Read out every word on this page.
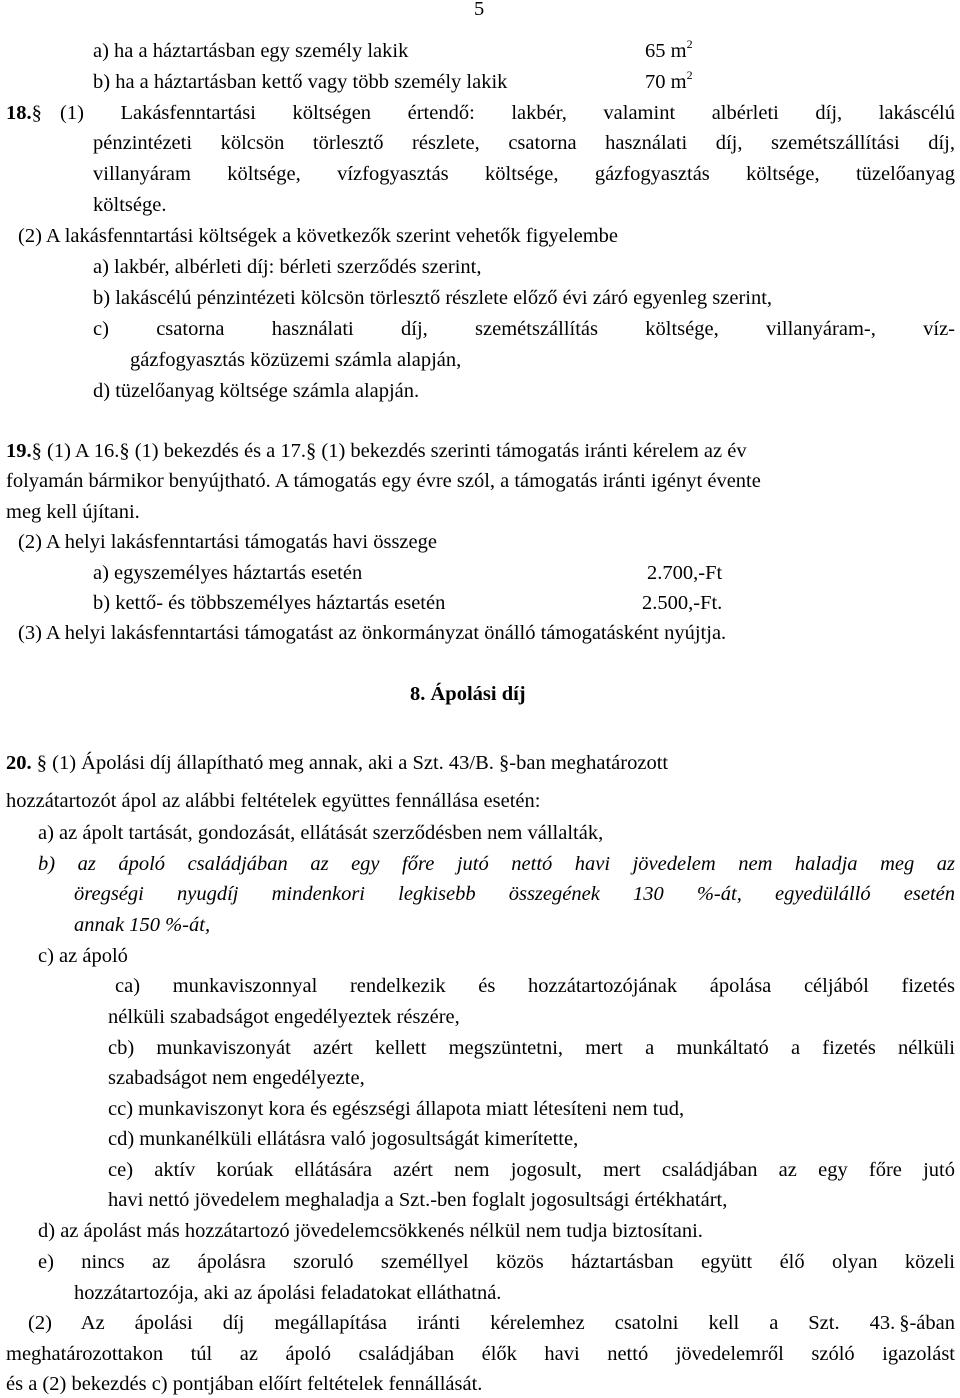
5
a) ha a háztartásban egy személy lakik	65 $m^2$
b) ha a háztartásban kettő vagy több személy lakik	70 $m^2$
18.§ (1) Lakásfenntartási költségen értendő: lakbér, valamint albérleti díj, lakáscélú
pénzintézeti kölcsön törlesztő részlete, csatorna használati díj, szemétszállítási díj,
villanyáram költsége, vízfogyasztás költsége, gázfogyasztás költsége, tüzelőanyag
költsége.
(2) A lakásfenntartási költségek a következők szerint vehetők figyelembe
a) lakbér, albérleti díj: bérleti szerződés szerint,
b) lakáscélú pénzintézeti kölcsön törlesztő részlete előző évi záró egyenleg szerint,
c) csatorna használati díj, szemétszállítás költsége, villanyáram-, víz-
gázfogyasztás közüzemi számla alapján,
d) tüzelőanyag költsége számla alapján.
19.§ (1) A 16.§ (1) bekezdés és a 17.§ (1) bekezdés szerinti támogatás iránti kérelem az év
folyamán bármikor benyújtható. A támogatás egy évre szól, a támogatás iránti igényt évente
meg kell újítani.
(2) A helyi lakásfenntartási támogatás havi összege
a) egyszemélyes háztartás esetén	2.700,-Ft
b) kettő- és többszemélyes háztartás esetén	2.500,-Ft.
(3) A helyi lakásfenntartási támogatást az önkormányzat önálló támogatásként nyújtja.
8. Ápolási díj
20. § (1) Ápolási díj állapítható meg annak, aki a Szt. 43/B. §-ban meghatározott
hozzátartozót ápol az alábbi feltételek együttes fennállása esetén:
a) az ápolt tartását, gondozását, ellátását szerződésben nem vállalták,
b) az ápoló családjában az egy főre jutó nettó havi jövedelem nem haladja meg az
öregségi nyugdíj mindenkori legkisebb összegének 130 %-át, egyedülálló esetén
annak 150 %-át,
c) az ápoló
ca) munkaviszonnyal rendelkezik és hozzátartozójának ápolása céljából fizetés
nélküli szabadságot engedélyeztek részére,
cb) munkaviszonyát azért kellett megszüntetni, mert a munkáltató a fizetés nélküli
szabadságot nem engedélyezte,
cc) munkaviszonyt kora és egészségi állapota miatt létesíteni nem tud,
cd) munkanélküli ellátásra való jogosultságát kimerítette,
ce) aktív korúak ellátására azért nem jogosult, mert családjában az egy főre jutó
havi nettó jövedelem meghaladja a Szt.-ben foglalt jogosultsági értékhatárt,
d) az ápolást más hozzátartozó jövedelemcsökkenés nélkül nem tudja biztosítani.
e) nincs az ápolásra szoruló személlyel közös háztartásban együtt élő olyan közeli
hozzátartozója, aki az ápolási feladatokat elláthatná.
(2) Az ápolási díj megállapítása iránti kérelemhez csatolni kell a Szt. 43. §-ában
meghatározottakon túl az ápoló családjában élők havi nettó jövedelemről szóló igazolást
és a (2) bekezdés c) pontjában előírt feltételek fennállását.
